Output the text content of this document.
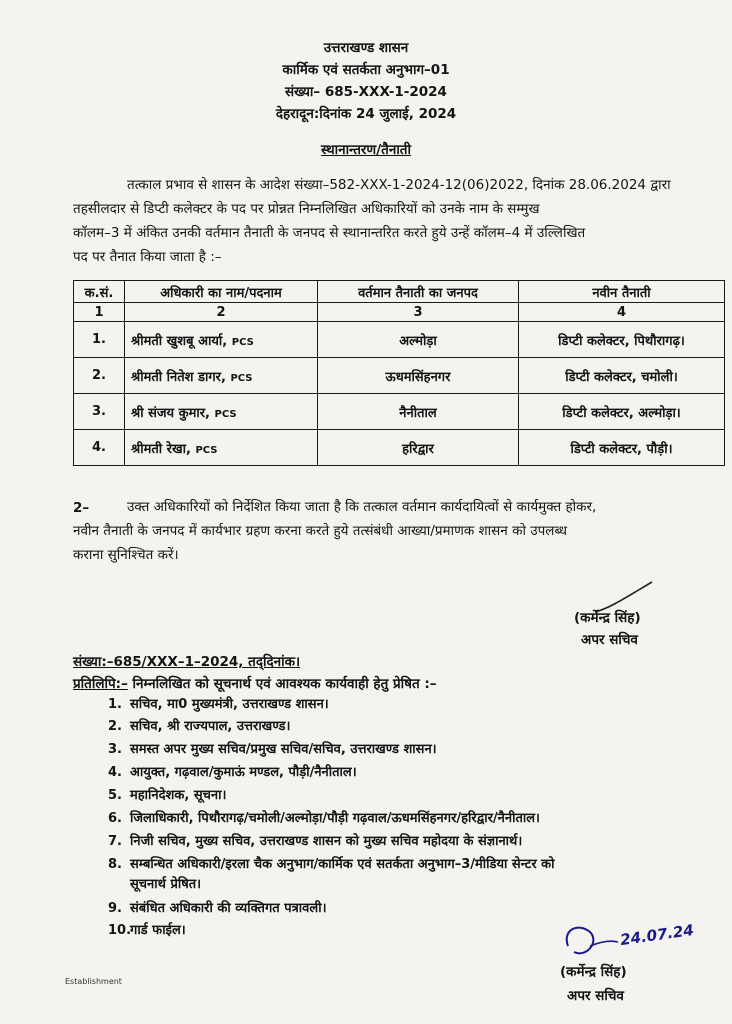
उत्तराखण्ड शासन
कार्मिक एवं सतर्कता अनुभाग–01
संख्या– 685-XXX-1-2024
देहरादून:दिनांक 24 जुलाई, 2024
स्थानान्तरण/तैनाती
तत्काल प्रभाव से शासन के आदेश संख्या–582-XXX-1-2024-12(06)2022, दिनांक 28.06.2024 द्वारा
तहसीलदार से डिप्टी कलेक्टर के पद पर प्रोन्नत निम्नलिखित अधिकारियों को उनके नाम के सम्मुख
कॉलम–3 में अंकित उनकी वर्तमान तैनाती के जनपद से स्थानान्तरित करते हुये उन्हें कॉलम–4 में उल्लिखित
पद पर तैनात किया जाता है :–
क.सं.	अधिकारी का नाम/पदनाम	वर्तमान तैनाती का जनपद	नवीन तैनाती
1	2	3	4
1.	श्रीमती खुशबू आर्या, PCS	अल्मोड़ा	डिप्टी कलेक्टर, पिथौरागढ़।
2.	श्रीमती नितेश डागर, PCS	ऊधमसिंहनगर	डिप्टी कलेक्टर, चमोली।
3.	श्री संजय कुमार, PCS	नैनीताल	डिप्टी कलेक्टर, अल्मोड़ा।
4.	श्रीमती रेखा, PCS	हरिद्वार	डिप्टी कलेक्टर, पौड़ी।
2–	उक्त अधिकारियों को निर्देशित किया जाता है कि तत्काल वर्तमान कार्यदायित्वों से कार्यमुक्त होकर,
नवीन तैनाती के जनपद में कार्यभार ग्रहण करना करते हुये तत्संबंधी आख्या/प्रमाणक शासन को उपलब्ध
कराना सुनिश्चित करें।
(कर्मेन्द्र सिंह)
अपर सचिव
संख्या:–685/XXX–1–2024, तद्‌दिनांक।
प्रतिलिपि:– निम्नलिखित को सूचनार्थ एवं आवश्यक कार्यवाही हेतु प्रेषित :–
1. सचिव, मा0 मुख्यमंत्री, उत्तराखण्ड शासन।
2. सचिव, श्री राज्यपाल, उत्तराखण्ड।
3. समस्त अपर मुख्य सचिव/प्रमुख सचिव/सचिव, उत्तराखण्ड शासन।
4. आयुक्त, गढ़वाल/कुमाऊं मण्डल, पौड़ी/नैनीताल।
5. महानिदेशक, सूचना।
6. जिलाधिकारी, पिथौरागढ़/चमोली/अल्मोड़ा/पौड़ी गढ़वाल/ऊधमसिंहनगर/हरिद्वार/नैनीताल।
7. निजी सचिव, मुख्य सचिव, उत्तराखण्ड शासन को मुख्य सचिव महोदया के संज्ञानार्थ।
8. सम्बन्धित अधिकारी/इरला चैक अनुभाग/कार्मिक एवं सतर्कता अनुभाग–3/मीडिया सेन्टर को
सूचनार्थ प्रेषित।
9. संबंधित अधिकारी की व्यक्तिगत पत्रावली।
10.गार्ड फाईल।	24.07.24
(कर्मेन्द्र सिंह)
अपर सचिव
Establishment
